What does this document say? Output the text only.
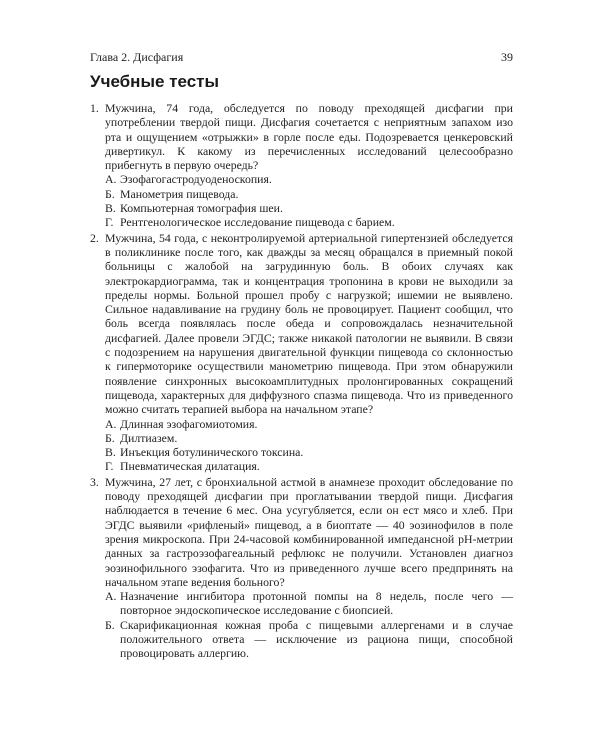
Глава 2. Дисфагия	39
Учебные тесты
1. Мужчина, 74 года, обследуется по поводу преходящей дисфагии при употреблении твердой пищи. Дисфагия сочетается с неприятным запахом изо рта и ощущением «отрыжки» в горле после еды. Подозревается ценкеровский дивертикул. К какому из перечисленных исследований целесообразно прибегнуть в первую очередь?
А. Эзофагогастродуоденоскопия.
Б. Манометрия пищевода.
В. Компьютерная томография шеи.
Г. Рентгенологическое исследование пищевода с барием.
2. Мужчина, 54 года, с неконтролируемой артериальной гипертензией обследуется в поликлинике после того, как дважды за месяц обращался в приемный покой больницы с жалобой на загрудинную боль. В обоих случаях как электрокардиограмма, так и концентрация тропонина в крови не выходили за пределы нормы. Больной прошел пробу с нагрузкой; ишемии не выявлено. Сильное надавливание на грудину боль не провоцирует. Пациент сообщил, что боль всегда появлялась после обеда и сопровождалась незначительной дисфагией. Далее провели ЭГДС; также никакой патологии не выявили. В связи с подозрением на нарушения двигательной функции пищевода со склонностью к гипермоторике осуществили манометрию пищевода. При этом обнаружили появление синхронных высокоамплитудных пролонгированных сокращений пищевода, характерных для диффузного спазма пищевода. Что из приведенного можно считать терапией выбора на начальном этапе?
А. Длинная эзофагомиотомия.
Б. Дилтиазем.
В. Инъекция ботулинического токсина.
Г. Пневматическая дилатация.
3. Мужчина, 27 лет, с бронхиальной астмой в анамнезе проходит обследование по поводу преходящей дисфагии при проглатывании твердой пищи. Дисфагия наблюдается в течение 6 мес. Она усугубляется, если он ест мясо и хлеб. При ЭГДС выявили «рифленый» пищевод, а в биоптате — 40 эозинофилов в поле зрения микроскопа. При 24-часовой комбинированной импедансной pH-метрии данных за гастроэзофагеальный рефлюкс не получили. Установлен диагноз эозинофильного эзофагита. Что из приведенного лучше всего предпринять на начальном этапе ведения больного?
А. Назначение ингибитора протонной помпы на 8 недель, после чего — повторное эндоскопическое исследование с биопсией.
Б. Скарификационная кожная проба с пищевыми аллергенами и в случае положительного ответа — исключение из рациона пищи, способной провоцировать аллергию.
